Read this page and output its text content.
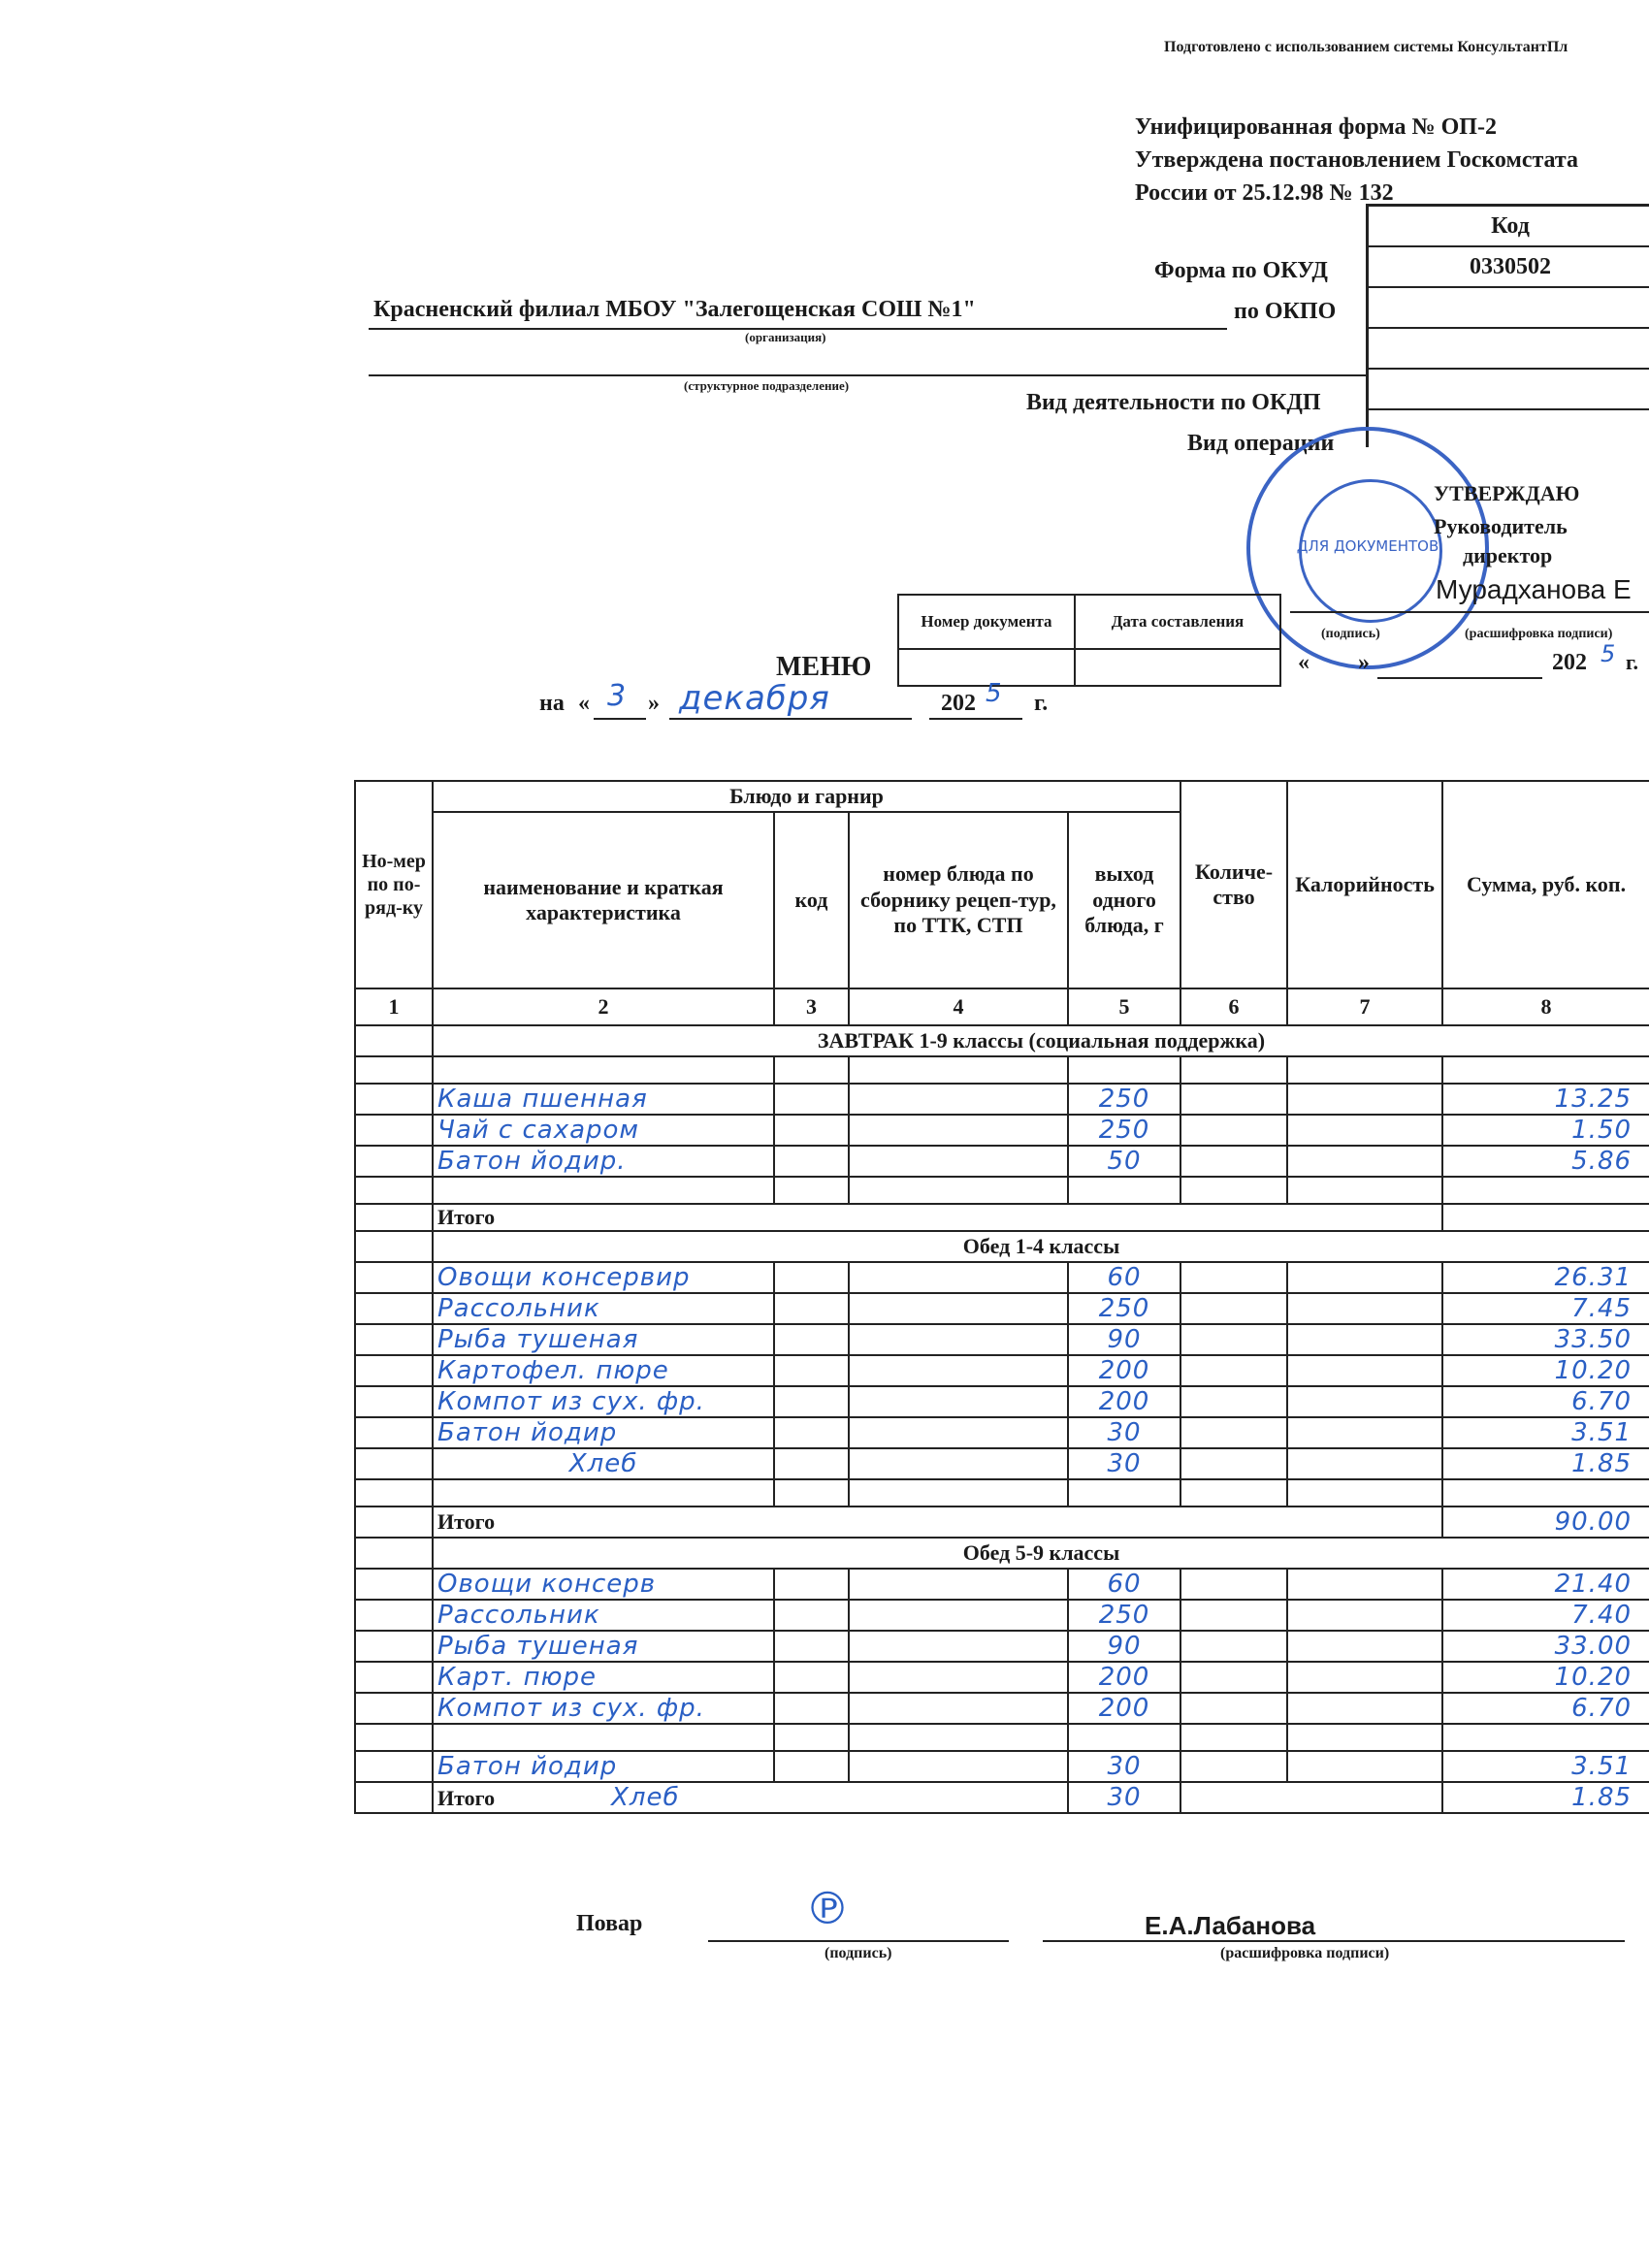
Подготовлено с использованием системы КонсультантПл
Унифицированная форма № ОП-2
Утверждена постановлением Госкомстата
России от 25.12.98 № 132
Код
0330502
Форма по ОКУД
по ОКПО
Вид деятельности по ОКДП
Вид операции
Красненский филиал МБОУ "Залегощенская СОШ №1"
(организация)
(структурное подразделение)
ДЛЯ ДОКУМЕНТОВ
УТВЕРЖДАЮ
Руководитель
директор
Мурадханова Е
(подпись)	(расшифровка подписи)
« »	202 5 г.
Номер документа	Дата составления

МЕНЮ
на « 3 » декабря	202 5 г.
Но-мер по по-ряд-ку	Блюдо и гарнир				Количе-ство	Калорийность	Сумма, руб. коп.
	наименование и краткая характеристика	код	номер блюда по сборнику рецеп-тур, по ТТК, СТП	выход одного блюда, г			
1	2	3	4	5	6	7	8
	ЗАВТРАК 1-9 классы (социальная поддержка)						

	Каша пшенная			250			13.25
	Чай с сахаром			250			1.50
	Батон йодир.			50			5.86

	Итого						
	Обед 1-4 классы						
	Овощи консервир			60			26.31
	Рассольник			250			7.45
	Рыба тушеная			90			33.50
	Картофел. пюре			200			10.20
	Компот из сух. фр.			200			6.70
	Батон йодир			30			3.51
	Хлеб			30			1.85

	Итого						90.00
	Обед 5-9 классы						
	Овощи консерв			60			21.40
	Рассольник			250			7.40
	Рыба тушеная			90			33.00
	Карт. пюре			200			10.20
	Компот из сух. фр.			200			6.70

	Батон йодир			30			3.51
	Итого Хлеб			30			1.85
Повар	℗
(подпись)
Е.А.Лабанова
(расшифровка подписи)
